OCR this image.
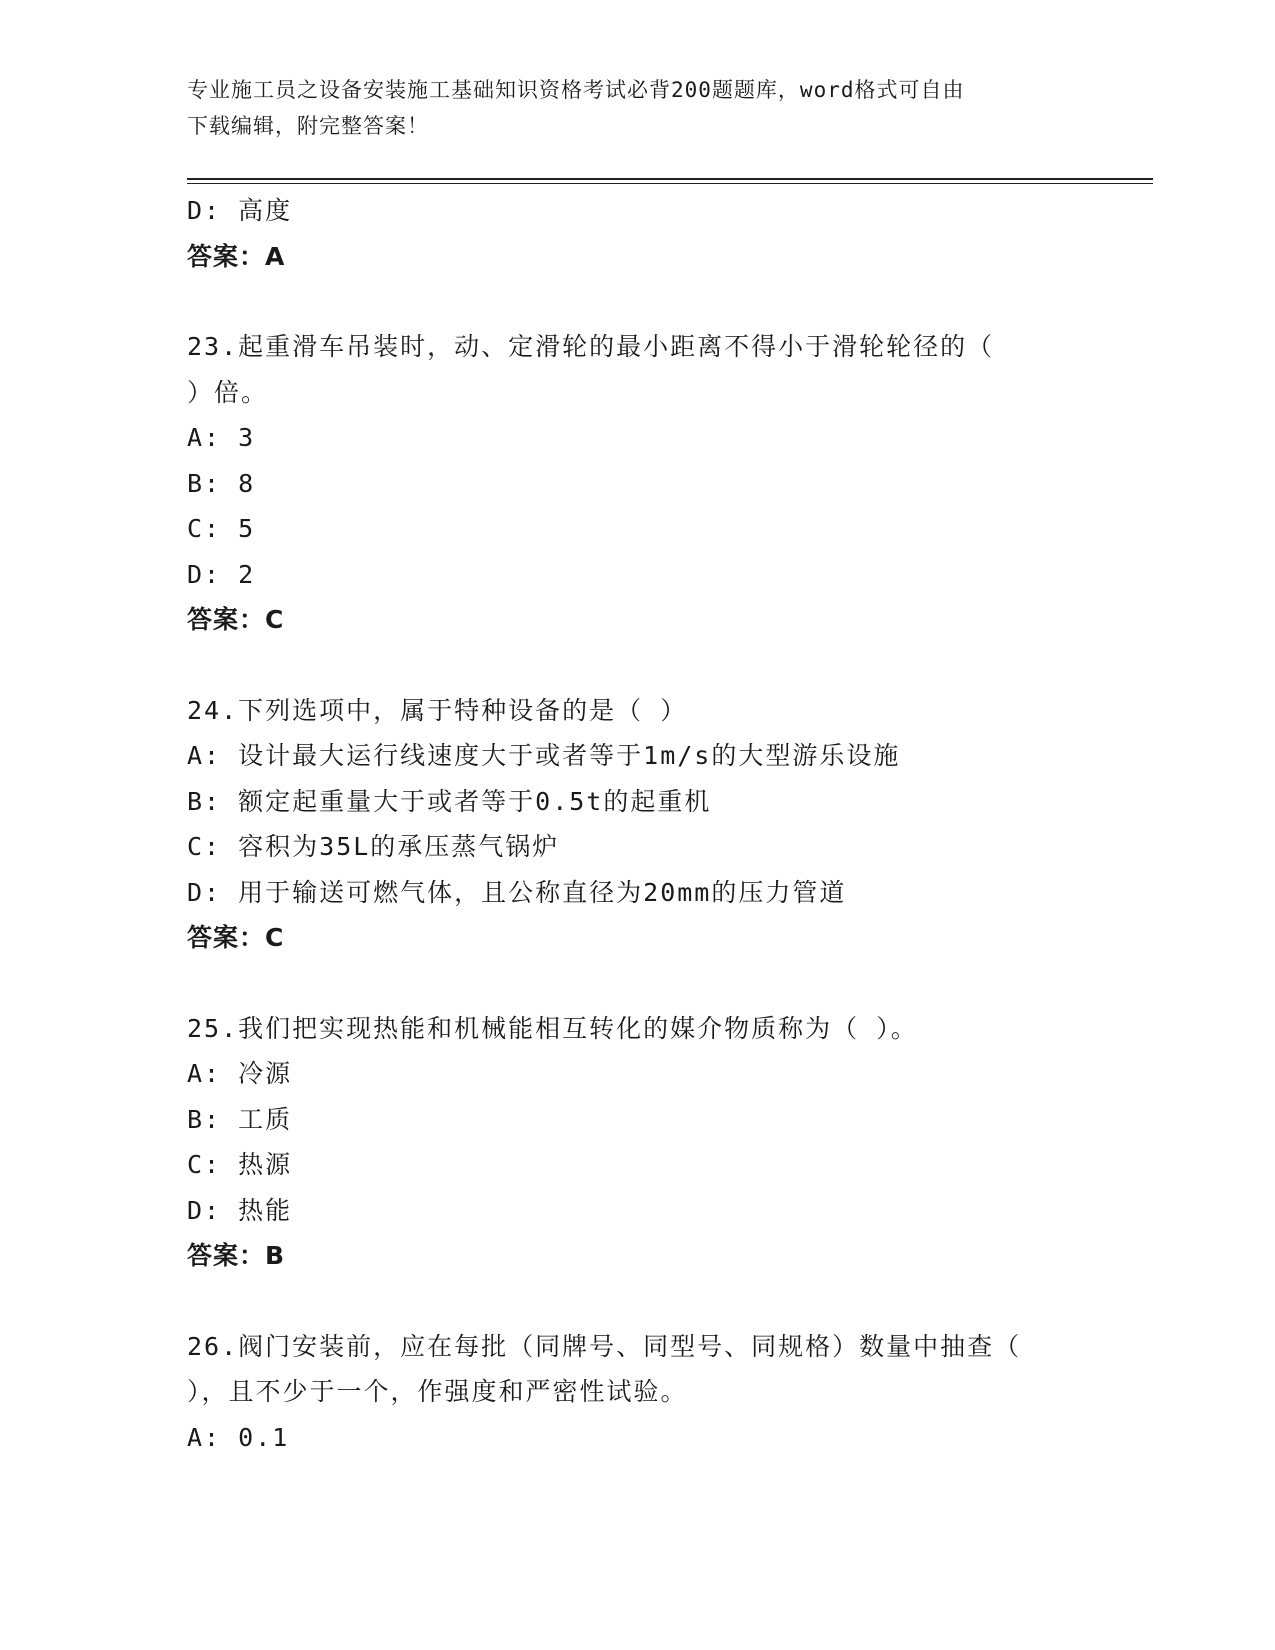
专业施工员之设备安装施工基础知识资格考试必背200题题库，word格式可自由
下载编辑，附完整答案！
D: 高度
答案：A
23.起重滑车吊装时，动、定滑轮的最小距离不得小于滑轮轮径的（
）倍。
A: 3
B: 8
C: 5
D: 2
答案：C
24.下列选项中，属于特种设备的是（ ）
A: 设计最大运行线速度大于或者等于1m/s的大型游乐设施
B: 额定起重量大于或者等于0.5t的起重机
C: 容积为35L的承压蒸气锅炉
D: 用于输送可燃气体，且公称直径为20mm的压力管道
答案：C
25.我们把实现热能和机械能相互转化的媒介物质称为（ ）。
A: 冷源
B: 工质
C: 热源
D: 热能
答案：B
26.阀门安装前，应在每批（同牌号、同型号、同规格）数量中抽查（
），且不少于一个，作强度和严密性试验。
A: 0.1
